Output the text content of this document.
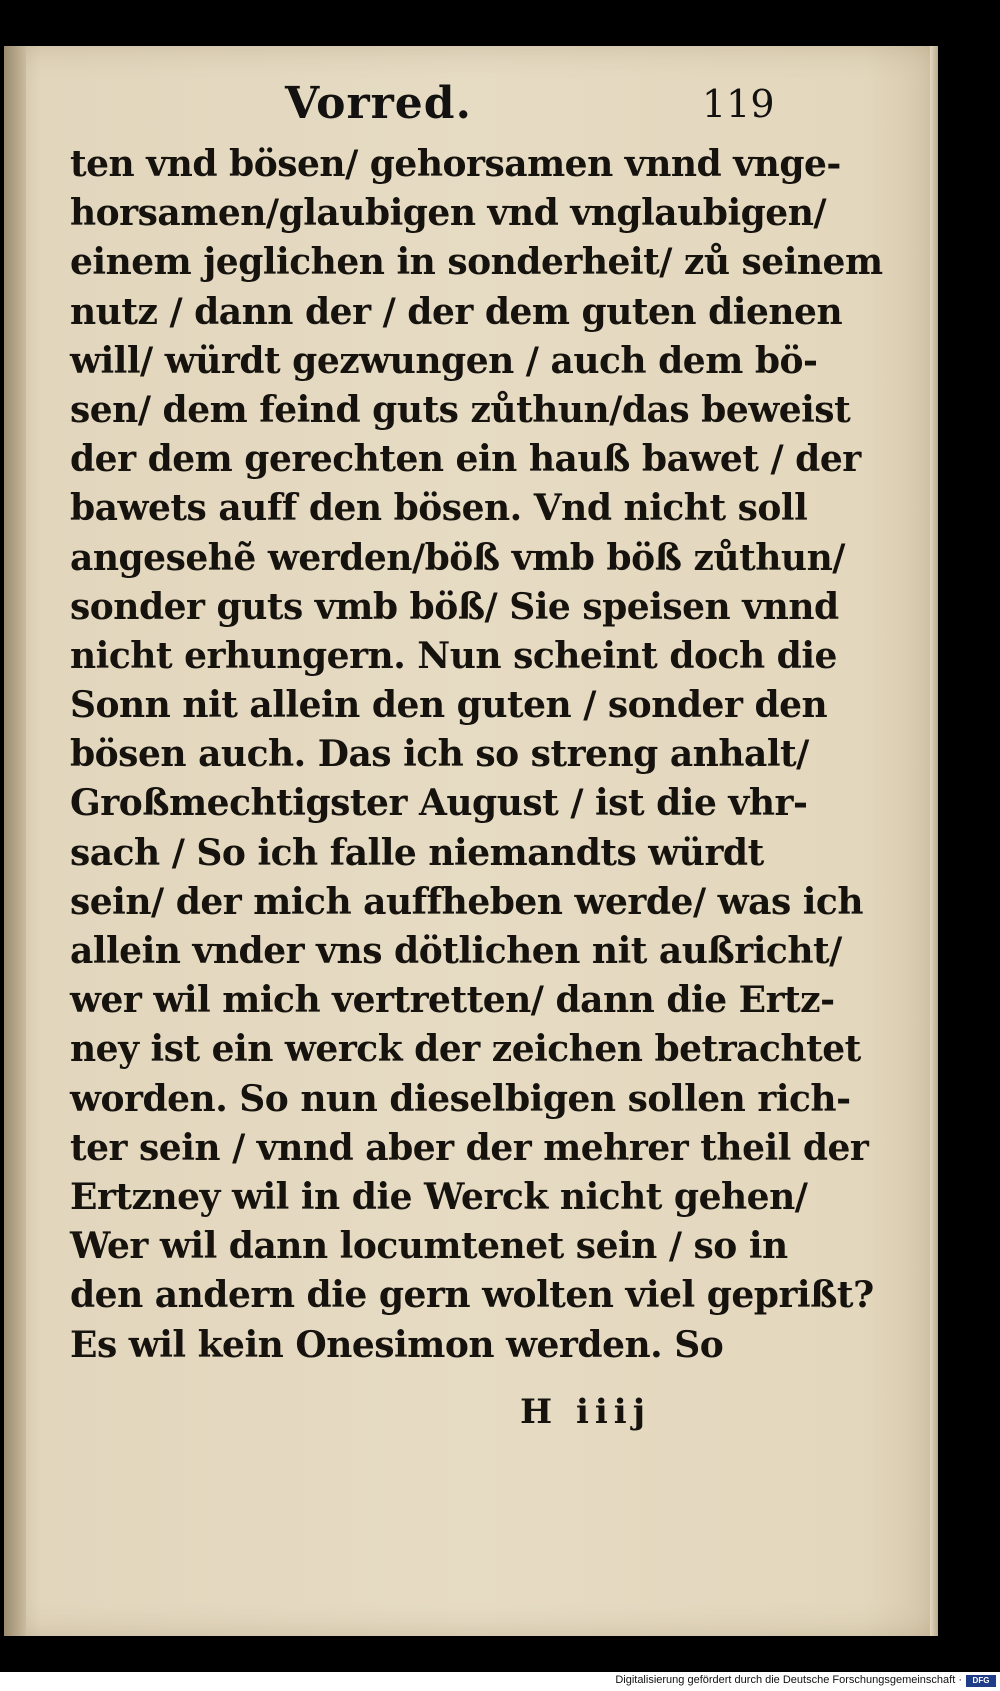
Vorred.	119
ten vnd bösen/ gehorsamen vnnd vnge-
horsamen/glaubigen vnd vnglaubigen/
einem jeglichen in sonderheit/ zů seinem
nutz / dann der / der dem guten dienen
will/ würdt gezwungen / auch dem bö-
sen/ dem feind guts zůthun/das beweist
der dem gerechten ein hauß bawet / der
bawets auff den bösen. Vnd nicht soll
angesehẽ werden/böß vmb böß zůthun/
sonder guts vmb böß/ Sie speisen vnnd
nicht erhungern. Nun scheint doch die
Sonn nit allein den guten / sonder den
bösen auch. Das ich so streng anhalt/
Großmechtigster August / ist die vhr-
sach / So ich falle niemandts würdt
sein/ der mich auffheben werde/ was ich
allein vnder vns dötlichen nit außricht/
wer wil mich vertretten/ dann die Ertz-
ney ist ein werck der zeichen betrachtet
worden. So nun dieselbigen sollen rich-
ter sein / vnnd aber der mehrer theil der
Ertzney wil in die Werck nicht gehen/
Wer wil dann locumtenet sein / so in
den andern die gern wolten viel geprißt?
Es wil kein Onesimon werden. So
H iiij
Digitalisierung gefördert durch die Deutsche Forschungsgemeinschaft ·	DFG
